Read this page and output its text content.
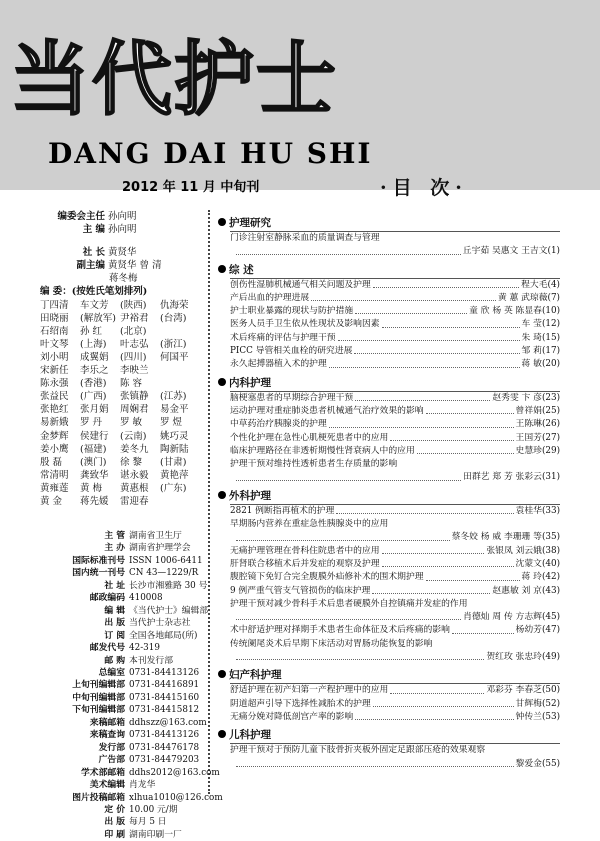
当代护士
DANG DAI HU SHI
2012 年 11 月 中旬刊	·目 次·
编委会主任 孙向明
主 编 孙向明
社 长 黄贤华
副主编 黄贤华 曾 清
蒋冬梅
编 委：(按姓氏笔划排列)
丁四清 车文芳 (陕西) 仇海荣
田晓丽 (解放军) 尹裕君 (台湾)
石绍南 孙 红 (北京)
叶文琴 (上海) 叶志弘 (浙江)
刘小明 成翼娟 (四川) 何国平
宋新任 李乐之 李映兰
陈永强 (香港) 陈 容
张益民 (广西) 张镇静 (江苏)
张艳红 张月娟 周娴君 易金平
易新娥 罗 丹 罗 敏 罗 煜
金梦辉 侯建行 (云南) 姚巧灵
姜小鹰 (福建) 姜冬九 陶新陆
殷 磊 (澳门) 徐 黎 (甘肃)
常清明 龚致华 谌永毅 黄艳萍
黄雍莲 黄 梅 黄惠根 (广东)
黄 金 蒋先媛 雷迎春
主 管 湖南省卫生厅
主 办 湖南省护理学会
国际标准刊号 ISSN 1006-6411
国内统一刊号 CN 43—1229/R
社 址 长沙市湘雅路 30 号
邮政编码 410008
编 辑 《当代护士》编辑部
出 版 当代护士杂志社
订 阅 全国各地邮局(所)
邮发代号 42-319
邮 购 本刊发行部
总编室 0731-84413126
上旬刊编辑部 0731-84416891
中旬刊编辑部 0731-84415160
下旬刊编辑部 0731-84415812
来稿邮箱 ddhszz@163.com
来稿查询 0731-84413126
发行部 0731-84476178
广告部 0731-84479203
学术部邮箱 ddhs2012@163.com
美术编辑 肖龙华
图片投稿邮箱 xlhua1010@126.com
定 价 10.00 元/期
出 版 每月 5 日
印 刷 湖南印刷一厂
护理研究
门诊注射室静脉采血的质量调查与管理
丘宇茹 吴惠文 王吉文 (1)
综 述
创伤性湿肺机械通气相关问题及护理	程大毛 (4)
产后出血的护理进展	黄 蕙 武琼薇 (7)
护士职业暴露的现状与防护措施	童 欣 杨 英 陈显春 (10)
医务人员手卫生依从性现状及影响因素	车 莹 (12)
术后疼痛的评估与护理干预	朱 琦 (15)
PICC 导管相关血栓的研究进展	邹 莉 (17)
永久起搏器植入术的护理	蒋 敏 (20)
内科护理
脑梗塞患者的早期综合护理干预	赵秀雯 卞 彦 (23)
运动护理对重症肺炎患者机械通气治疗效果的影响	曾祥娟 (25)
中草药治疗胰腺炎的护理	王陈琳 (26)
个性化护理在急性心肌梗死患者中的应用	王国芳 (27)
临床护理路径在非透析期慢性肾衰病人中的应用	史慧珍 (29)
护理干预对维持性透析患者生存质量的影响
田群艺 郑 芳 张彩云 (31)
外科护理
2821 例断指再植术的护理	袁桂华 (33)
早期肠内营养在重症急性胰腺炎中的应用
蔡冬姣 杨 威 李珊珊 等 (35)
无痛护理管理在骨科住院患者中的应用	张银凤 刘云娥 (38)
肝肾联合移植术后并发症的观察及护理	沈蒙文 (40)
腹腔镜下免钉合完全腹膜外疝修补术的围术期护理	蒋 玲 (42)
9 例严重气管支气管损伤的临床护理	赵惠敏 刘 京 (43)
护理干预对减少骨科手术后患者硬膜外自控镇痛并发症的作用
肖德灿 周 传 方志辉 (45)
术中舒适护理对择期手术患者生命体征及术后疼痛的影响	杨幼芳 (47)
传统阑尾炎术后早期下床活动对胃肠功能恢复的影响
贺红玫 张忠玲 (49)
妇产科护理
舒适护理在初产妇第一产程护理中的应用	邓彩芬 李春芝 (50)
阴道超声引导下选择性减胎术的护理	甘辉梅 (52)
无痛分娩对降低剖宫产率的影响	钟传兰 (53)
儿科护理
护理干预对于预防儿童下肢骨折夹板外固定足跟部压疮的效果观察
黎爱金 (55)
